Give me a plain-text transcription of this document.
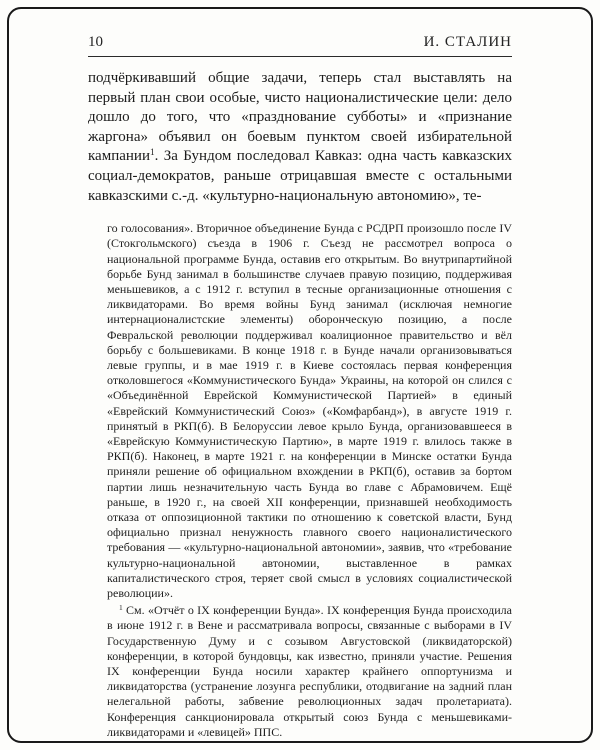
10	И. СТАЛИН

подчёркивавший общие задачи, теперь стал выставлять на первый план свои особые, чисто националистические цели: дело дошло до того, что «празднование субботы» и «признание жаргона» объявил он боевым пунктом своей избирательной кампании$^1$. За Бундом последовал Кавказ: одна часть кавказских социал-демократов, раньше отрицавшая вместе с остальными кавказскими с.-д. «культурно-национальную автономию», те-

го голосования». Вторичное объединение Бунда с РСДРП произошло после IV (Стокгольмского) съезда в 1906 г. Съезд не рассмотрел вопроса о национальной программе Бунда, оставив его открытым. Во внутрипартийной борьбе Бунд занимал в большинстве случаев правую позицию, поддерживая меньшевиков, а с 1912 г. вступил в тесные организационные отношения с ликвидаторами. Во время войны Бунд занимал (исключая немногие интернационалистские элементы) оборонческую позицию, а после Февральской революции поддерживал коалиционное правительство и вёл борьбу с большевиками. В конце 1918 г. в Бунде начали организовываться левые группы, и в мае 1919 г. в Киеве состоялась первая конференция отколовшегося «Коммунистического Бунда» Украины, на которой он слился с «Объединённой Еврейской Коммунистической Партией» в единый «Еврейский Коммунистический Союз» («Комфарбанд»), в августе 1919 г. принятый в РКП(б). В Белоруссии левое крыло Бунда, организовавшееся в «Еврейскую Коммунистическую Партию», в марте 1919 г. влилось также в РКП(б). Наконец, в марте 1921 г. на конференции в Минске остатки Бунда приняли решение об официальном вхождении в РКП(б), оставив за бортом партии лишь незначительную часть Бунда во главе с Абрамовичем. Ещё раньше, в 1920 г., на своей XII конференции, признавшей необходимость отказа от оппозиционной тактики по отношению к советской власти, Бунд официально признал ненужность главного своего националистического требования — «культурно-национальной автономии», заявив, что «требование культурно-национальной автономии, выставленное в рамках капиталистического строя, теряет свой смысл в условиях социалистической революции».

$^1$ См. «Отчёт о IX конференции Бунда». IX конференция Бунда происходила в июне 1912 г. в Вене и рассматривала вопросы, связанные с выборами в IV Государственную Думу и с созывом Августовской (ликвидаторской) конференции, в которой бундовцы, как известно, приняли участие. Решения IX конференции Бунда носили характер крайнего оппортунизма и ликвидаторства (устранение лозунга республики, отодвигание на задний план нелегальной работы, забвение революционных задач пролетариата). Конференция санкционировала открытый союз Бунда с меньшевиками-ликвидаторами и «левицей» ППС.
